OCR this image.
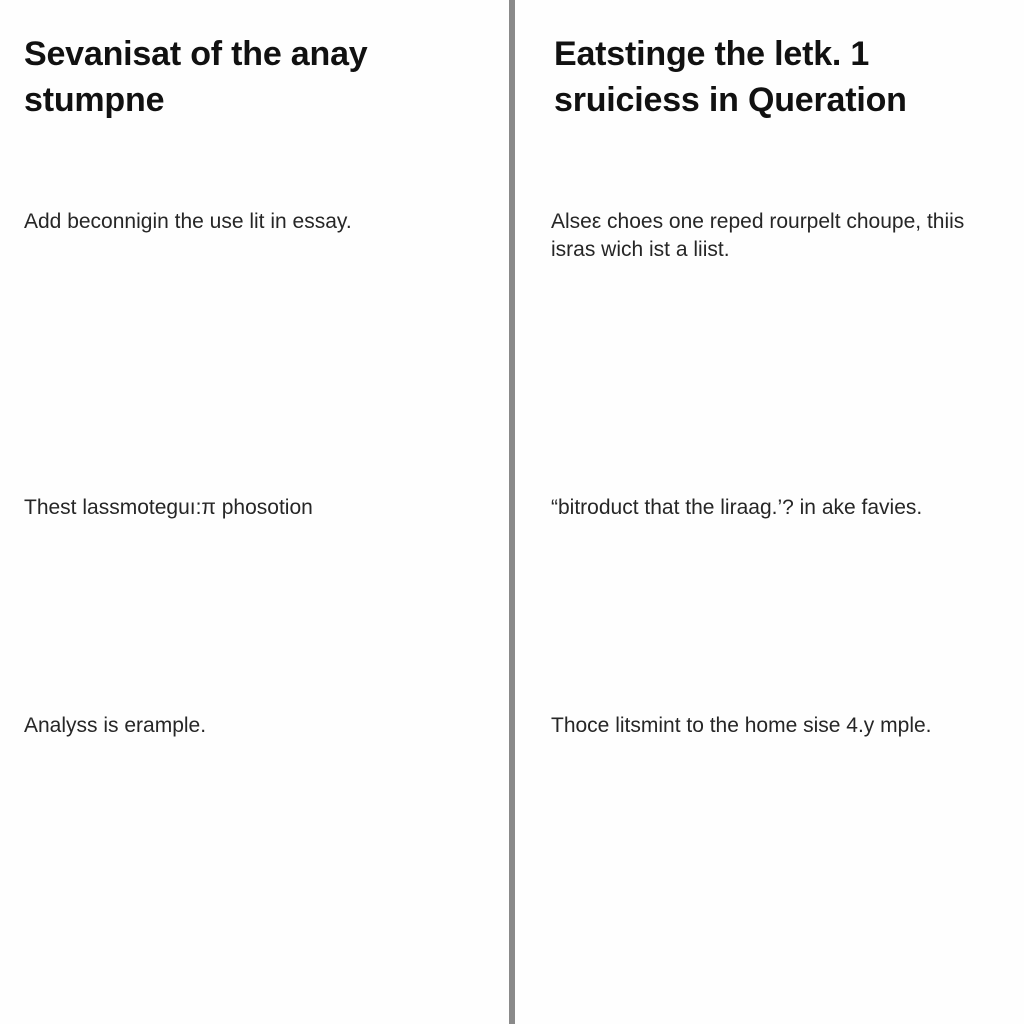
Sevanisat of the anay stumpne

Add beconnigin the use lit in essay.

Thest lassmoteguı:π phosotion

Analyss is erample.

Eatstinge the letk. 1 sruiciess in Queration

Alseε choes one reped rourpelt choupe, thiis isras wich ist a liist.

“bitroduct that the liraag.’? in ake favies.

Thoce litsmint to the home sise 4.y mple.
